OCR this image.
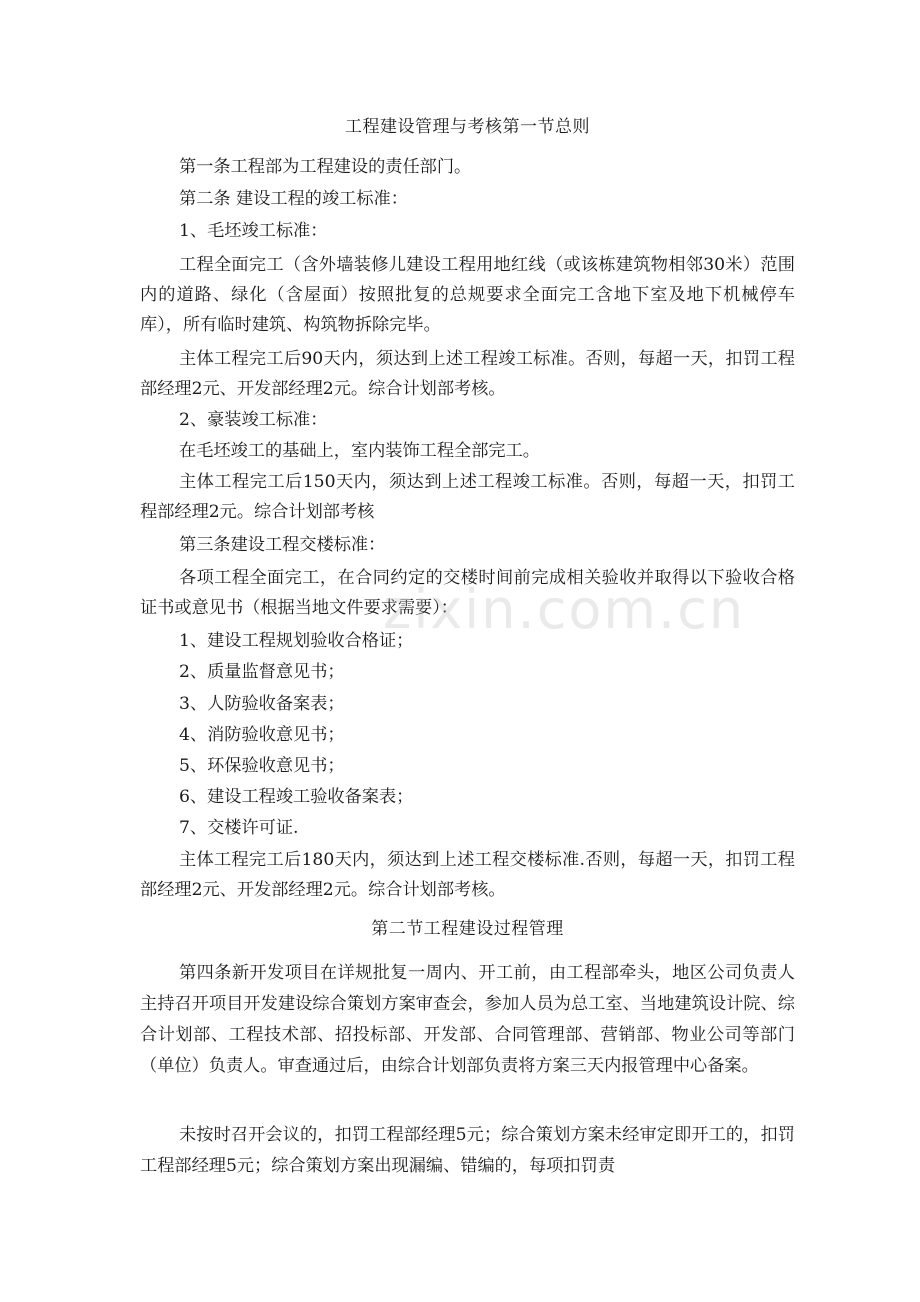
工程建设管理与考核第一节总则

第一条工程部为工程建设的责任部门。

第二条 建设工程的竣工标准：

1、毛坯竣工标准：

工程全面完工（含外墙装修儿建设工程用地红线（或该栋建筑物相邻30米）范围内的道路、绿化（含屋面）按照批复的总规要求全面完工含地下室及地下机械停车库），所有临时建筑、构筑物拆除完毕。

主体工程完工后90天内，须达到上述工程竣工标准。否则，每超一天，扣罚工程部经理2元、开发部经理2元。综合计划部考核。

2、豪装竣工标准：

在毛坯竣工的基础上，室内装饰工程全部完工。

主体工程完工后150天内，须达到上述工程竣工标准。否则，每超一天，扣罚工程部经理2元。综合计划部考核

第三条建设工程交楼标准：

各项工程全面完工，在合同约定的交楼时间前完成相关验收并取得以下验收合格证书或意见书（根据当地文件要求需要）：

1、建设工程规划验收合格证；

2、质量监督意见书；

3、人防验收备案表；

4、消防验收意见书；

5、环保验收意见书；

6、建设工程竣工验收备案表；

7、交楼许可证.

主体工程完工后180天内，须达到上述工程交楼标准.否则，每超一天，扣罚工程部经理2元、开发部经理2元。综合计划部考核。

第二节工程建设过程管理

第四条新开发项目在详规批复一周内、开工前，由工程部牵头，地区公司负责人主持召开项目开发建设综合策划方案审查会，参加人员为总工室、当地建筑设计院、综合计划部、工程技术部、招投标部、开发部、合同管理部、营销部、物业公司等部门（单位）负责人。审查通过后，由综合计划部负责将方案三天内报管理中心备案。

未按时召开会议的，扣罚工程部经理5元；综合策划方案未经审定即开工的，扣罚工程部经理5元；综合策划方案出现漏编、错编的，每项扣罚责

zixin.com.cn
